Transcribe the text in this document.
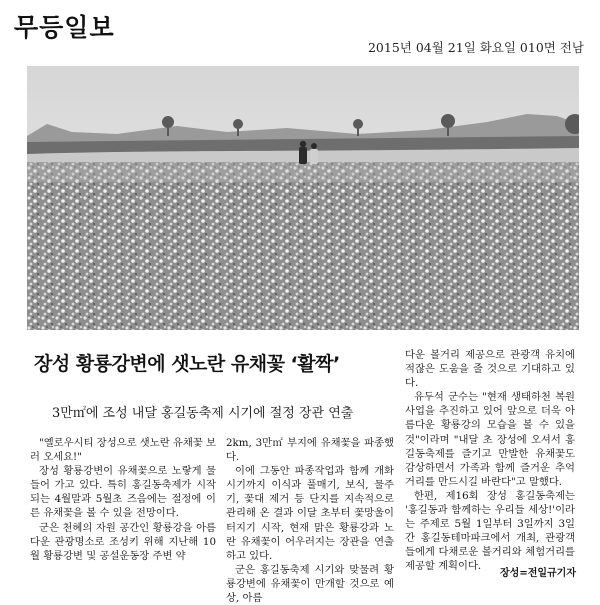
무등일보
2015년 04월 21일 화요일 010면 전남
장성 황룡강변에 샛노란 유채꽃 ‘활짝’
3만㎡에 조성 내달 홍길동축제 시기에 절정 장관 연출

"옐로우시티 장성으로 샛노란 유채꽃 보러 오세요!"

장성 황룡강변이 유채꽃으로 노랗게 물들어 가고 있다. 특히 홍길동축제가 시작되는 4월말과 5월초 즈음에는 절정에 이른 유채꽃을 볼 수 있을 전망이다.

군은 천혜의 자원 공간인 황룡강을 아름다운 관광명소로 조성키 위해 지난해 10월 황룡강변 및 공설운동장 주변 약

2km, 3만㎡ 부지에 유채꽃을 파종했다.

이에 그동안 파종작업과 함께 개화시기까지 이식과 풀매기, 보식, 물주기, 꽃대 제거 등 단지를 지속적으로 관리해 온 결과 이달 초부터 꽃망울이 터지기 시작, 현재 맑은 황룡강과 노란 유채꽃이 어우러지는 장관을 연출하고 있다.

군은 홍길동축제 시기와 맞물려 황룡강변에 유채꽃이 만개할 것으로 예상, 아름

다운 볼거리 제공으로 관광객 유치에 적잖은 도움을 줄 것으로 기대하고 있다.

유두석 군수는 "현재 생태하천 복원사업을 추진하고 있어 앞으로 더욱 아름다운 황룡강의 모습을 볼 수 있을 것"이라며 "내달 초 장성에 오셔서 홍길동축제를 즐기고 만발한 유채꽃도 감상하면서 가족과 함께 즐거운 추억거리를 만드시길 바란다"고 말했다.

한편, 제16회 장성 홍길동축제는 '홍길동과 함께하는 우리들 세상!'이라는 주제로 5월 1일부터 3일까지 3일간 홍길동테마파크에서 개최, 관광객들에게 다채로운 볼거리와 체험거리를 제공할 계획이다.

장성=전일규기자
